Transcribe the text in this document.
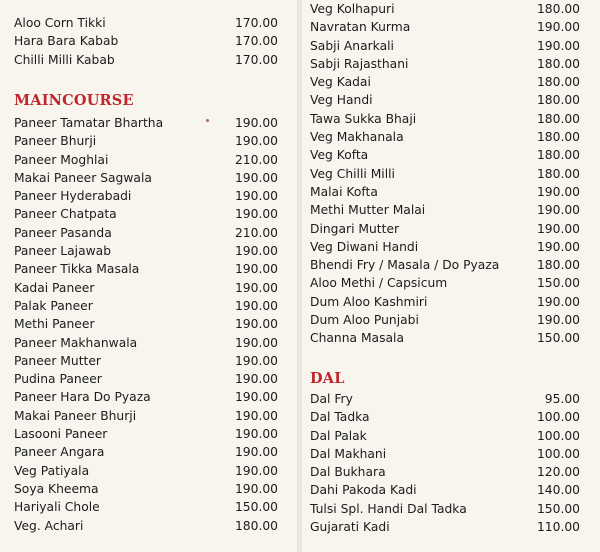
Aloo Corn Tikki	170.00
Hara Bara Kabab	170.00
Chilli Milli Kabab	170.00
MAINCOURSE
Paneer Tamatar Bhartha	190.00
Paneer Bhurji	190.00
Paneer Moghlai	210.00
Makai Paneer Sagwala	190.00
Paneer Hyderabadi	190.00
Paneer Chatpata	190.00
Paneer Pasanda	210.00
Paneer Lajawab	190.00
Paneer Tikka Masala	190.00
Kadai Paneer	190.00
Palak Paneer	190.00
Methi Paneer	190.00
Paneer Makhanwala	190.00
Paneer Mutter	190.00
Pudina Paneer	190.00
Paneer Hara Do Pyaza	190.00
Makai Paneer Bhurji	190.00
Lasooni Paneer	190.00
Paneer Angara	190.00
Veg Patiyala	190.00
Soya Kheema	190.00
Hariyali Chole	150.00
Veg. Achari	180.00
Veg Kolhapuri	180.00
Navratan Kurma	190.00
Sabji Anarkali	190.00
Sabji Rajasthani	180.00
Veg Kadai	180.00
Veg Handi	180.00
Tawa Sukka Bhaji	180.00
Veg Makhanala	180.00
Veg Kofta	180.00
Veg Chilli Milli	180.00
Malai Kofta	190.00
Methi Mutter Malai	190.00
Dingari Mutter	190.00
Veg Diwani Handi	190.00
Bhendi Fry / Masala / Do Pyaza	180.00
Aloo Methi / Capsicum	150.00
Dum Aloo Kashmiri	190.00
Dum Aloo Punjabi	190.00
Channa Masala	150.00
DAL
Dal Fry	95.00
Dal Tadka	100.00
Dal Palak	100.00
Dal Makhani	100.00
Dal Bukhara	120.00
Dahi Pakoda Kadi	140.00
Tulsi Spl. Handi Dal Tadka	150.00
Gujarati Kadi	110.00
